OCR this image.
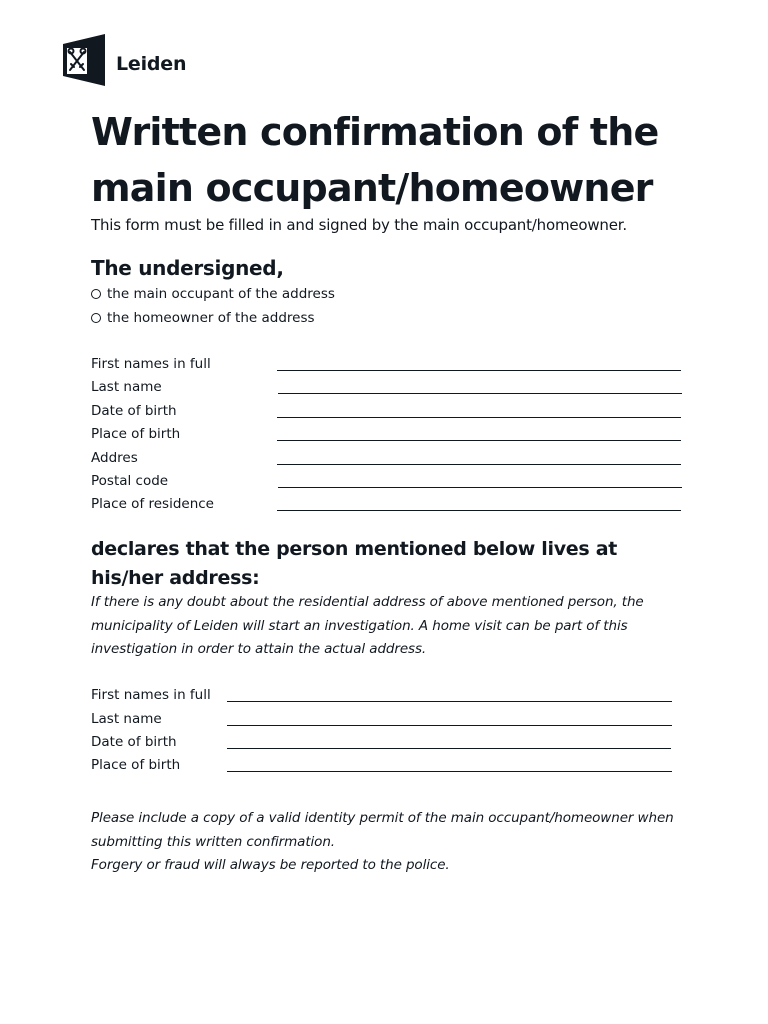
Leiden
Written confirmation of the
main occupant/homeowner
This form must be filled in and signed by the main occupant/homeowner.
The undersigned,
the main occupant of the address
the homeowner of the address
First names in full
Last name
Date of birth
Place of birth
Addres
Postal code
Place of residence
declares that the person mentioned below lives at
his/her address:
If there is any doubt about the residential address of above mentioned person, the
municipality of Leiden will start an investigation. A home visit can be part of this
investigation in order to attain the actual address.
First names in full
Last name
Date of birth
Place of birth
Please include a copy of a valid identity permit of the main occupant/homeowner when
submitting this written confirmation.
Forgery or fraud will always be reported to the police.
